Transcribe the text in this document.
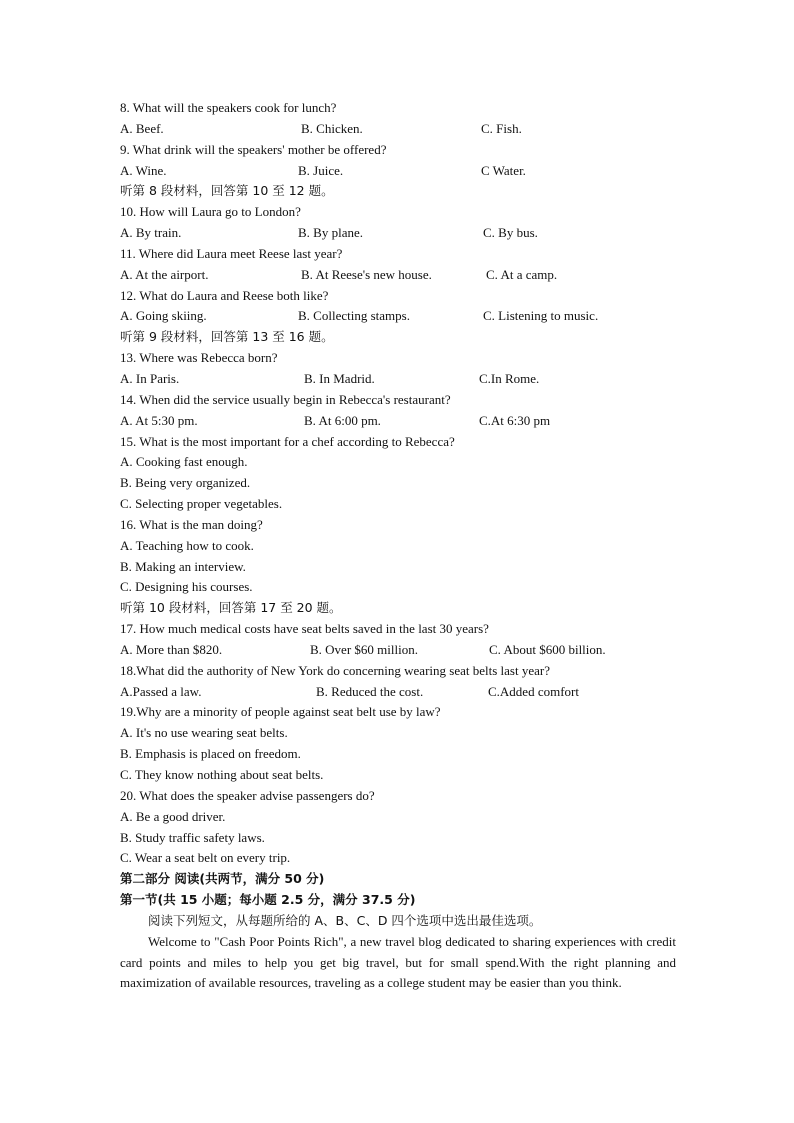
8. What will the speakers cook for lunch?
A. Beef.	B. Chicken.	C. Fish.
9. What drink will the speakers' mother be offered?
A. Wine.	B. Juice.	C Water.
听第 8 段材料，回答第 10 至 12 题。
10. How will Laura go to London?
A. By train.	B. By plane.	C. By bus.
11. Where did Laura meet Reese last year?
A. At the airport.	B. At Reese's new house.	C. At a camp.
12. What do Laura and Reese both like?
A. Going skiing.	B. Collecting stamps.	C. Listening to music.
听第 9 段材料，回答第 13 至 16 题。
13. Where was Rebecca born?
A. In Paris.	B. In Madrid.	C.In Rome.
14. When did the service usually begin in Rebecca's restaurant?
A. At 5:30 pm.	B. At 6:00 pm.	C.At 6:30 pm
15. What is the most important for a chef according to Rebecca?
A. Cooking fast enough.
B. Being very organized.
C. Selecting proper vegetables.
16. What is the man doing?
A. Teaching how to cook.
B. Making an interview.
C. Designing his courses.
听第 10 段材料，回答第 17 至 20 题。
17. How much medical costs have seat belts saved in the last 30 years?
A. More than $820.	B. Over $60 million.	C. About $600 billion.
18.What did the authority of New York do concerning wearing seat belts last year?
A.Passed a law.	B. Reduced the cost.	C.Added comfort
19.Why are a minority of people against seat belt use by law?
A. It's no use wearing seat belts.
B. Emphasis is placed on freedom.
C. They know nothing about seat belts.
20. What does the speaker advise passengers do?
A. Be a good driver.
B. Study traffic safety laws.
C. Wear a seat belt on every trip.
第二部分 阅读(共两节，满分 50 分)
第一节(共 15 小题；每小题 2.5 分，满分 37.5 分)
阅读下列短文，从每题所给的 A、B、C、D 四个选项中选出最佳选项。
Welcome to "Cash Poor Points Rich", a new travel blog dedicated to sharing experiences with credit card points and miles to help you get big travel, but for small spend.With the right planning and maximization of available resources, traveling as a college student may be easier than you think.
